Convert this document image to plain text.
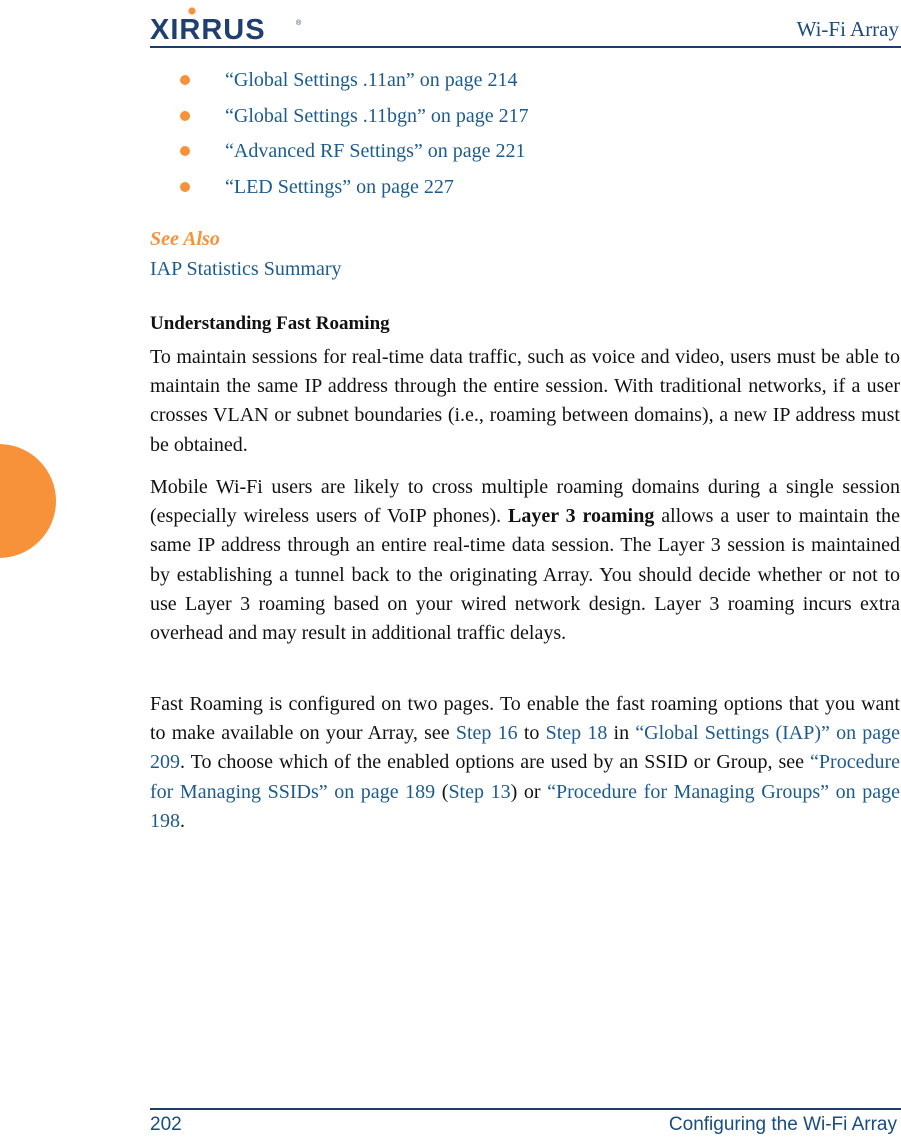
XIRRUS	®	Wi-Fi Array
“Global Settings .11an” on page 214
“Global Settings .11bgn” on page 217
“Advanced RF Settings” on page 221
“LED Settings” on page 227
See Also
IAP Statistics Summary
Understanding Fast Roaming

To maintain sessions for real-time data traffic, such as voice and video, users must be able to maintain the same IP address through the entire session. With traditional networks, if a user crosses VLAN or subnet boundaries (i.e., roaming between domains), a new IP address must be obtained.

Mobile Wi-Fi users are likely to cross multiple roaming domains during a single session (especially wireless users of VoIP phones). Layer 3 roaming allows a user to maintain the same IP address through an entire real-time data session. The Layer 3 session is maintained by establishing a tunnel back to the originating Array. You should decide whether or not to use Layer 3 roaming based on your wired network design. Layer 3 roaming incurs extra overhead and may result in additional traffic delays.

Fast Roaming is configured on two pages. To enable the fast roaming options that you want to make available on your Array, see Step 16 to Step 18 in “Global Settings (IAP)” on page 209. To choose which of the enabled options are used by an SSID or Group, see “Procedure for Managing SSIDs” on page 189 (Step 13) or “Procedure for Managing Groups” on page 198.

202	Configuring the Wi-Fi Array
